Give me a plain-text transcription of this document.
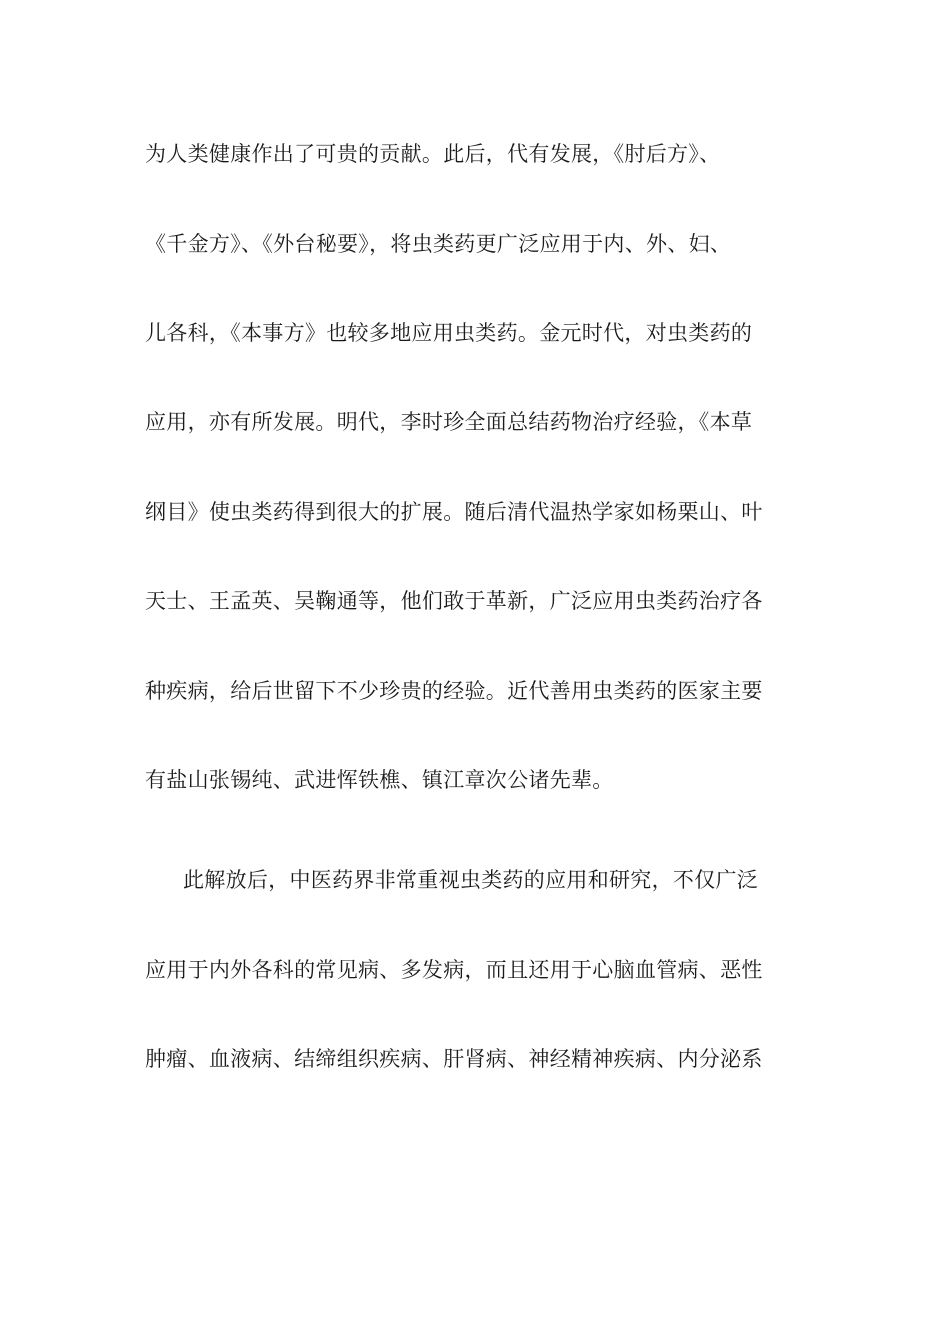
为人类健康作出了可贵的贡献。此后，代有发展，《肘后方》、
《千金方》、《外台秘要》，将虫类药更广泛应用于内、外、妇、
儿各科，《本事方》也较多地应用虫类药。金元时代，对虫类药的
应用，亦有所发展。明代，李时珍全面总结药物治疗经验，《本草
纲目》使虫类药得到很大的扩展。随后清代温热学家如杨栗山、叶
天士、王孟英、吴鞠通等，他们敢于革新，广泛应用虫类药治疗各
种疾病，给后世留下不少珍贵的经验。近代善用虫类药的医家主要
有盐山张锡纯、武进恽铁樵、镇江章次公诸先辈。
此解放后，中医药界非常重视虫类药的应用和研究，不仅广泛
应用于内外各科的常见病、多发病，而且还用于心脑血管病、恶性
肿瘤、血液病、结缔组织疾病、肝肾病、神经精神疾病、内分泌系
